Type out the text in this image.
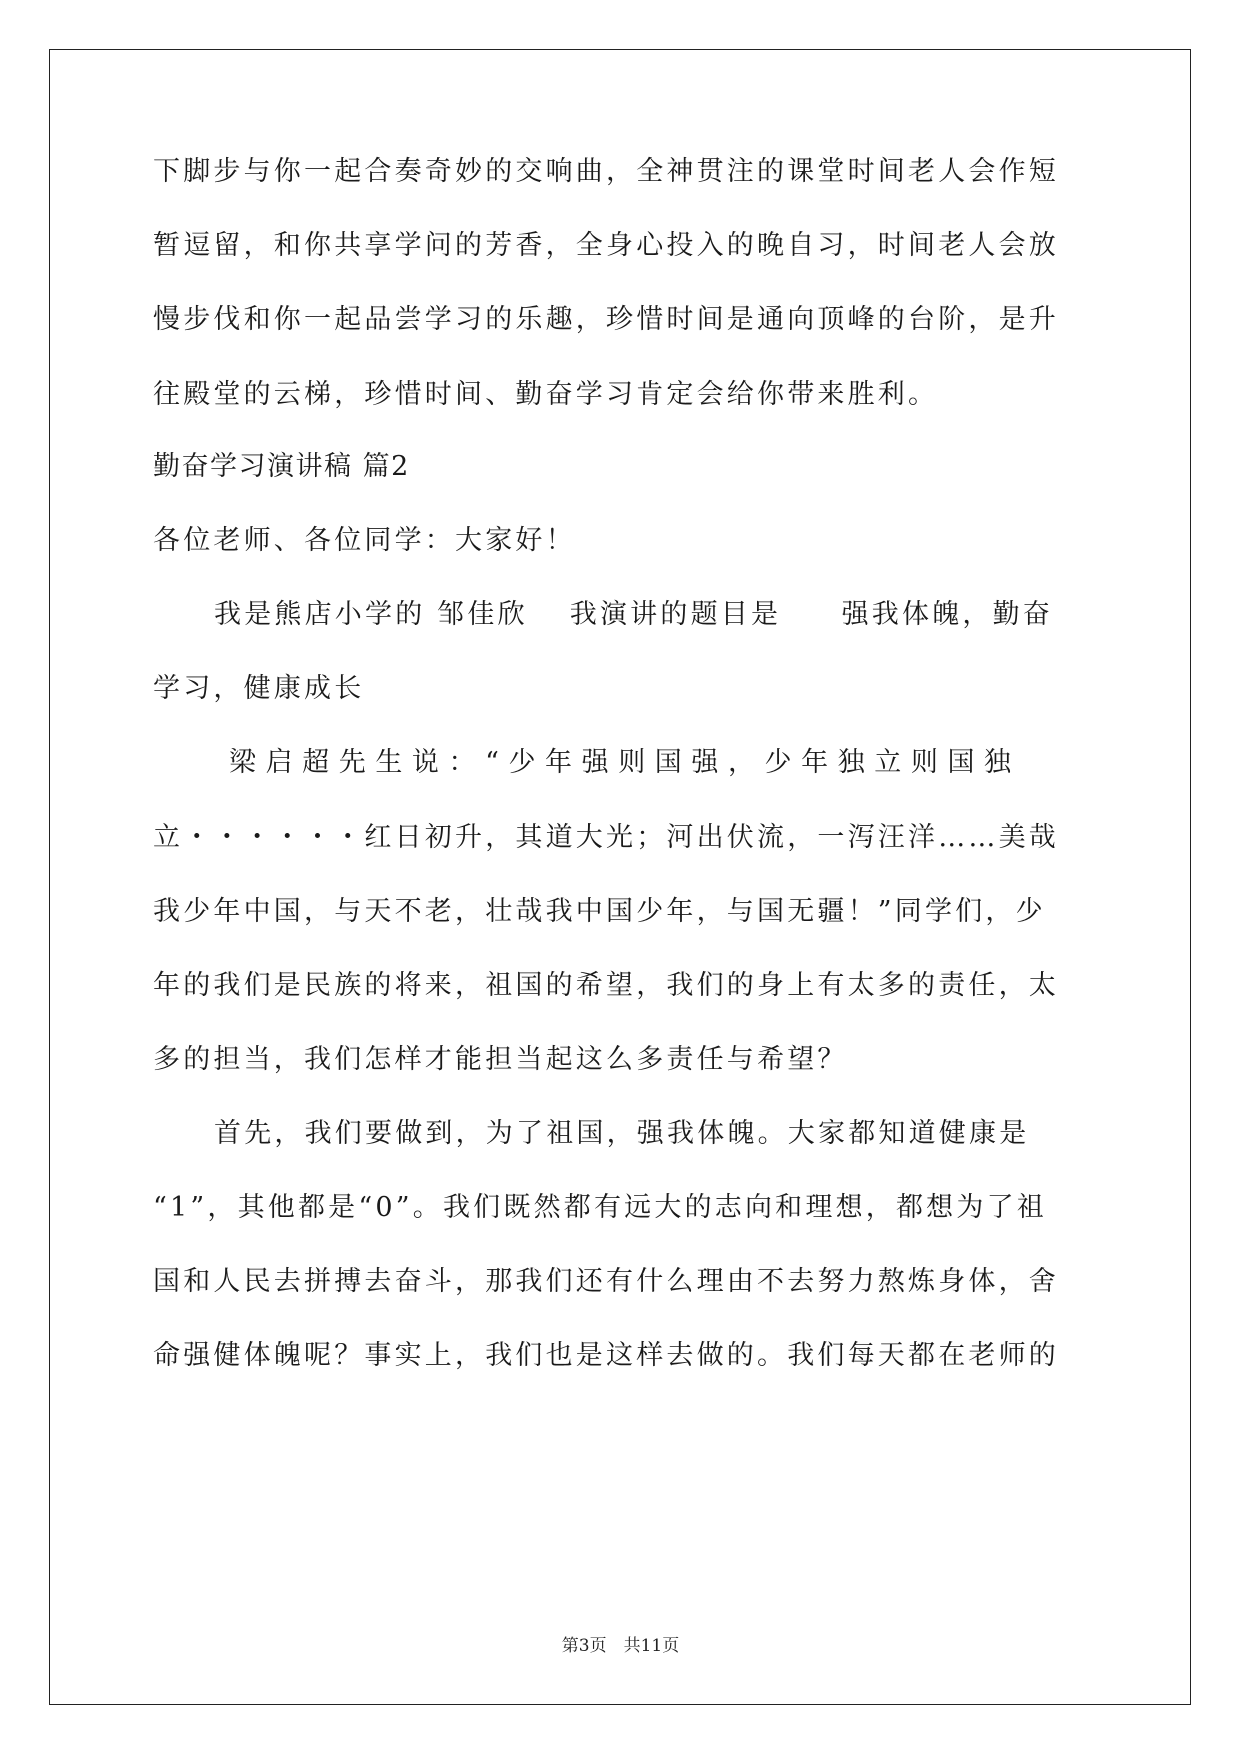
下脚步与你一起合奏奇妙的交响曲，全神贯注的课堂时间老人会作短
暂逗留，和你共享学问的芳香，全身心投入的晚自习，时间老人会放
慢步伐和你一起品尝学习的乐趣，珍惜时间是通向顶峰的台阶，是升
往殿堂的云梯，珍惜时间、勤奋学习肯定会给你带来胜利。
勤奋学习演讲稿 篇2
各位老师、各位同学：大家好！
我是熊店小学的 邹佳欣　 我演讲的题目是　　强我体魄，勤奋
学习，健康成长
梁 启 超 先 生 说 ： “ 少 年 强 则 国 强 ， 少 年 独 立 则 国 独
立・・・・・・红日初升，其道大光；河出伏流，一泻汪洋……美哉
我少年中国，与天不老，壮哉我中国少年，与国无疆！”同学们，少
年的我们是民族的将来，祖国的希望，我们的身上有太多的责任，太
多的担当，我们怎样才能担当起这么多责任与希望？
首先，我们要做到，为了祖国，强我体魄。大家都知道健康是
“1”，其他都是“0”。我们既然都有远大的志向和理想，都想为了祖
国和人民去拼搏去奋斗，那我们还有什么理由不去努力熬炼身体，舍
命强健体魄呢？事实上，我们也是这样去做的。我们每天都在老师的
第3页　共11页
